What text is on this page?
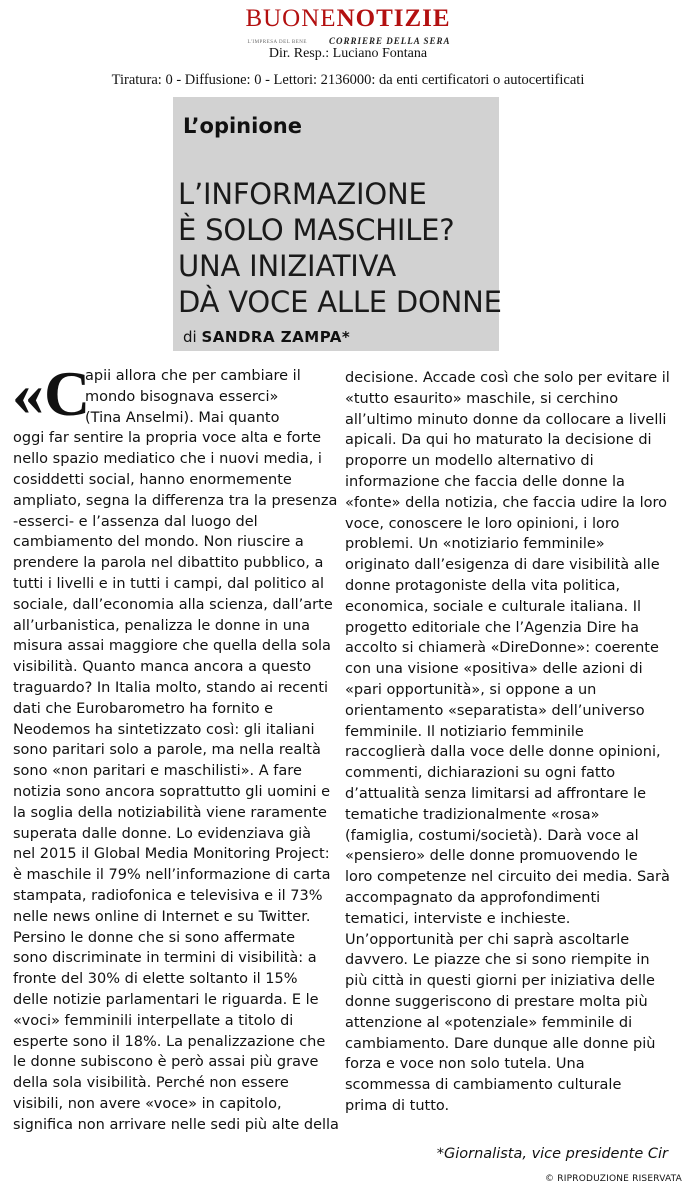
BUONENOTIZIE
L'IMPRESA DEL BENE	CORRIERE DELLA SERA
Dir. Resp.: Luciano Fontana
Tiratura: 0 - Diffusione: 0 - Lettori: 2136000: da enti certificatori o autocertificati
L’opinione
L’INFORMAZIONE
È SOLO MASCHILE?
UNA INIZIATIVA
DÀ VOCE ALLE DONNE
di SANDRA ZAMPA*
«C
apii allora che per cambiare il
mondo bisognava esserci»
(Tina Anselmi). Mai quanto
oggi far sentire la propria voce alta e forte
nello spazio mediatico che i nuovi media, i
cosiddetti social, hanno enormemente
ampliato, segna la differenza tra la presenza
-esserci- e l’assenza dal luogo del
cambiamento del mondo. Non riuscire a
prendere la parola nel dibattito pubblico, a
tutti i livelli e in tutti i campi, dal politico al
sociale, dall’economia alla scienza, dall’arte
all’urbanistica, penalizza le donne in una
misura assai maggiore che quella della sola
visibilità. Quanto manca ancora a questo
traguardo? In Italia molto, stando ai recenti
dati che Eurobarometro ha fornito e
Neodemos ha sintetizzato così: gli italiani
sono paritari solo a parole, ma nella realtà
sono «non paritari e maschilisti». A fare
notizia sono ancora soprattutto gli uomini e
la soglia della notiziabilità viene raramente
superata dalle donne. Lo evidenziava già
nel 2015 il Global Media Monitoring Project:
è maschile il 79% nell’informazione di carta
stampata, radiofonica e televisiva e il 73%
nelle news online di Internet e su Twitter.
Persino le donne che si sono affermate
sono discriminate in termini di visibilità: a
fronte del 30% di elette soltanto il 15%
delle notizie parlamentari le riguarda. E le
«voci» femminili interpellate a titolo di
esperte sono il 18%. La penalizzazione che
le donne subiscono è però assai più grave
della sola visibilità. Perché non essere
visibili, non avere «voce» in capitolo,
significa non arrivare nelle sedi più alte della
decisione. Accade così che solo per evitare il
«tutto esaurito» maschile, si cerchino
all’ultimo minuto donne da collocare a livelli
apicali. Da qui ho maturato la decisione di
proporre un modello alternativo di
informazione che faccia delle donne la
«fonte» della notizia, che faccia udire la loro
voce, conoscere le loro opinioni, i loro
problemi. Un «notiziario femminile»
originato dall’esigenza di dare visibilità alle
donne protagoniste della vita politica,
economica, sociale e culturale italiana. Il
progetto editoriale che l’Agenzia Dire ha
accolto si chiamerà «DireDonne»: coerente
con una visione «positiva» delle azioni di
«pari opportunità», si oppone a un
orientamento «separatista» dell’universo
femminile. Il notiziario femminile
raccoglierà dalla voce delle donne opinioni,
commenti, dichiarazioni su ogni fatto
d’attualità senza limitarsi ad affrontare le
tematiche tradizionalmente «rosa»
(famiglia, costumi/società). Darà voce al
«pensiero» delle donne promuovendo le
loro competenze nel circuito dei media. Sarà
accompagnato da approfondimenti
tematici, interviste e inchieste.
Un’opportunità per chi saprà ascoltarle
davvero. Le piazze che si sono riempite in
più città in questi giorni per iniziativa delle
donne suggeriscono di prestare molta più
attenzione al «potenziale» femminile di
cambiamento. Dare dunque alle donne più
forza e voce non solo tutela. Una
scommessa di cambiamento culturale
prima di tutto.
*Giornalista, vice presidente Cir
© RIPRODUZIONE RISERVATA
